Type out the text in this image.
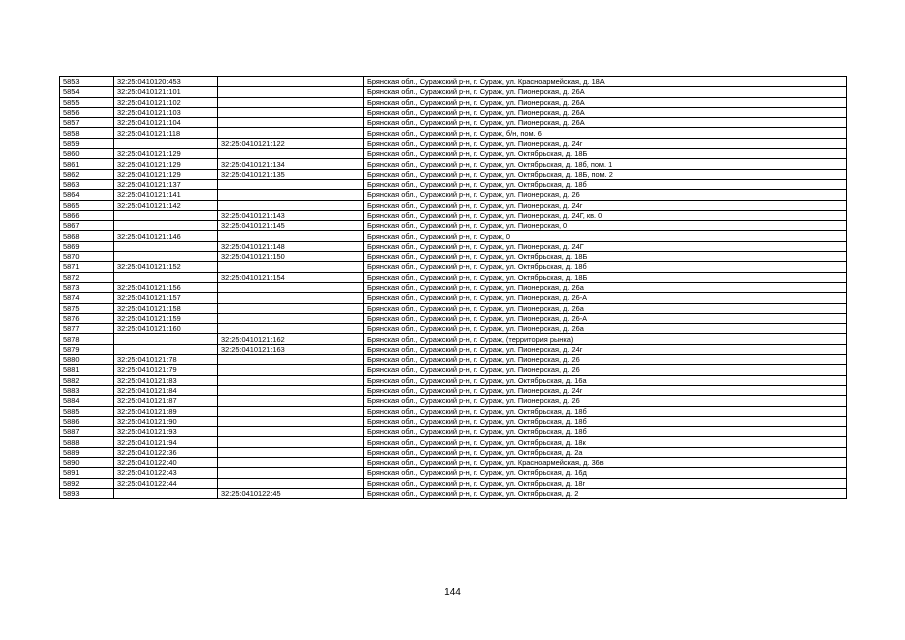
5853	32:25:0410120:453		Брянская обл., Суражский р-н, г. Сураж, ул. Красноармейская, д. 18А
5854	32:25:0410121:101		Брянская обл., Суражский р-н, г. Сураж, ул. Пионерская, д. 26А
5855	32:25:0410121:102		Брянская обл., Суражский р-н, г. Сураж, ул. Пионерская, д. 26А
5856	32:25:0410121:103		Брянская обл., Суражский р-н, г. Сураж, ул. Пионерская, д. 26А
5857	32:25:0410121:104		Брянская обл., Суражский р-н, г. Сураж, ул. Пионерская, д. 26А
5858	32:25:0410121:118		Брянская обл., Суражский р-н, г. Сураж, б/н, пом. 6
5859		32:25:0410121:122	Брянская обл., Суражский р-н, г. Сураж, ул. Пионерская, д. 24г
5860	32:25:0410121:129		Брянская обл., Суражский р-н, г. Сураж, ул. Октябрьская, д. 18Б
5861	32:25:0410121:129	32:25:0410121:134	Брянская обл., Суражский р-н, г. Сураж, ул. Октябрьская, д. 18б, пом. 1
5862	32:25:0410121:129	32:25:0410121:135	Брянская обл., Суражский р-н, г. Сураж, ул. Октябрьская, д. 18Б, пом. 2
5863	32:25:0410121:137		Брянская обл., Суражский р-н, г. Сураж, ул. Октябрьская, д. 18б
5864	32:25:0410121:141		Брянская обл., Суражский р-н, г. Сураж, ул. Пионерская, д. 26
5865	32:25:0410121:142		Брянская обл., Суражский р-н, г. Сураж, ул. Пионерская, д. 24г
5866		32:25:0410121:143	Брянская обл., Суражский р-н, г. Сураж, ул. Пионерская, д. 24Г, кв. 0
5867		32:25:0410121:145	Брянская обл., Суражский р-н, г. Сураж, ул. Пионерская, 0
5868	32:25:0410121:146		Брянская обл., Суражский р-н, г. Сураж, 0
5869		32:25:0410121:148	Брянская обл., Суражский р-н, г. Сураж, ул. Пионерская, д. 24Г
5870		32:25:0410121:150	Брянская обл., Суражский р-н, г. Сураж, ул. Октябрьская, д. 18Б
5871	32:25:0410121:152		Брянская обл., Суражский р-н, г. Сураж, ул. Октябрьская, д. 18б
5872		32:25:0410121:154	Брянская обл., Суражский р-н, г. Сураж, ул. Октябрьская, д. 18Б
5873	32:25:0410121:156		Брянская обл., Суражский р-н, г. Сураж, ул. Пионерская, д. 26а
5874	32:25:0410121:157		Брянская обл., Суражский р-н, г. Сураж, ул. Пионерская, д. 26-А
5875	32:25:0410121:158		Брянская обл., Суражский р-н, г. Сураж, ул. Пионерская, д. 26а
5876	32:25:0410121:159		Брянская обл., Суражский р-н, г. Сураж, ул. Пионерская, д. 26-А
5877	32:25:0410121:160		Брянская обл., Суражский р-н, г. Сураж, ул. Пионерская, д. 26а
5878		32:25:0410121:162	Брянская обл., Суражский р-н, г. Сураж, (территория рынка)
5879		32:25:0410121:163	Брянская обл., Суражский р-н, г. Сураж, ул. Пионерская, д. 24г
5880	32:25:0410121:78		Брянская обл., Суражский р-н, г. Сураж, ул. Пионерская, д. 26
5881	32:25:0410121:79		Брянская обл., Суражский р-н, г. Сураж, ул. Пионерская, д. 26
5882	32:25:0410121:83		Брянская обл., Суражский р-н, г. Сураж, ул. Октябрьская, д. 16а
5883	32:25:0410121:84		Брянская обл., Суражский р-н, г. Сураж, ул. Пионерская, д. 24г
5884	32:25:0410121:87		Брянская обл., Суражский р-н, г. Сураж, ул. Пионерская, д. 26
5885	32:25:0410121:89		Брянская обл., Суражский р-н, г. Сураж, ул. Октябрьская, д. 18б
5886	32:25:0410121:90		Брянская обл., Суражский р-н, г. Сураж, ул. Октябрьская, д. 18б
5887	32:25:0410121:93		Брянская обл., Суражский р-н, г. Сураж, ул. Октябрьская, д. 18б
5888	32:25:0410121:94		Брянская обл., Суражский р-н, г. Сураж, ул. Октябрьская, д. 18к
5889	32:25:0410122:36		Брянская обл., Суражский р-н, г. Сураж, ул. Октябрьская, д. 2а
5890	32:25:0410122:40		Брянская обл., Суражский р-н, г. Сураж, ул. Красноармейская, д. 36в
5891	32:25:0410122:43		Брянская обл., Суражский р-н, г. Сураж, ул. Октябрьская, д. 16д
5892	32:25:0410122:44		Брянская обл., Суражский р-н, г. Сураж, ул. Октябрьская, д. 18г
5893		32:25:0410122:45	Брянская обл., Суражский р-н, г. Сураж, ул. Октябрьская, д. 2
144
